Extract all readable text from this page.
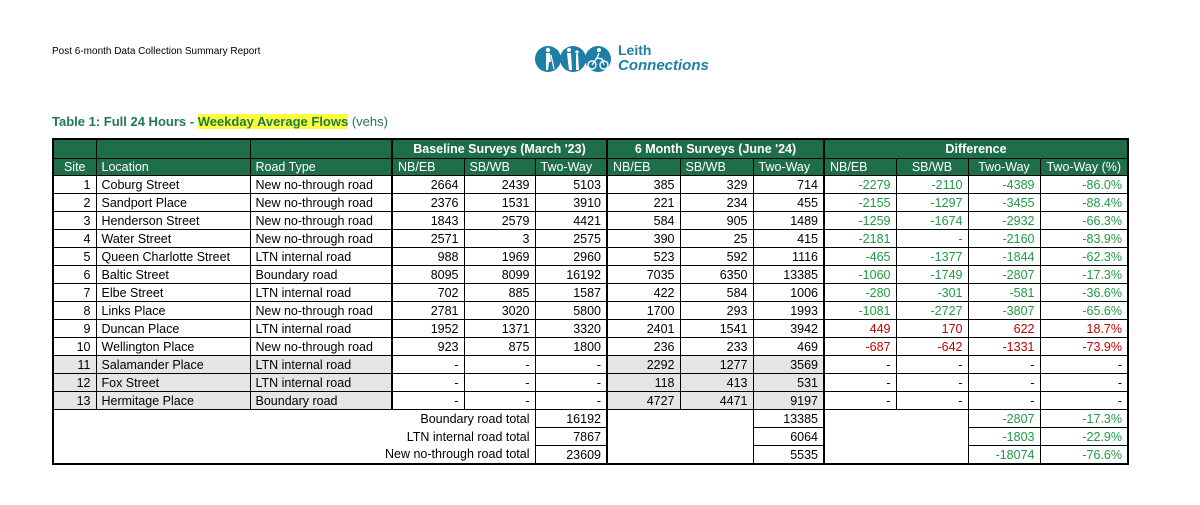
Post 6-month Data Collection Summary Report	Leith
Connections
Table 1: Full 24 Hours - Weekday Average Flows (vehs)
			Baseline Surveys (March '23)			6 Month Surveys (June '24)			Difference			
Site	Location	Road Type	NB/EB	SB/WB	Two-Way	NB/EB	SB/WB	Two-Way	NB/EB	SB/WB	Two-Way	Two-Way (%)
1	Coburg Street	New no-through road	2664	2439	5103	385	329	714	-2279	-2110	-4389	-86.0%
2	Sandport Place	New no-through road	2376	1531	3910	221	234	455	-2155	-1297	-3455	-88.4%
3	Henderson Street	New no-through road	1843	2579	4421	584	905	1489	-1259	-1674	-2932	-66.3%
4	Water Street	New no-through road	2571	3	2575	390	25	415	-2181	-	-2160	-83.9%
5	Queen Charlotte Street	LTN internal road	988	1969	2960	523	592	1116	-465	-1377	-1844	-62.3%
6	Baltic Street	Boundary road	8095	8099	16192	7035	6350	13385	-1060	-1749	-2807	-17.3%
7	Elbe Street	LTN internal road	702	885	1587	422	584	1006	-280	-301	-581	-36.6%
8	Links Place	New no-through road	2781	3020	5800	1700	293	1993	-1081	-2727	-3807	-65.6%
9	Duncan Place	LTN internal road	1952	1371	3320	2401	1541	3942	449	170	622	18.7%
10	Wellington Place	New no-through road	923	875	1800	236	233	469	-687	-642	-1331	-73.9%
11	Salamander Place	LTN internal road	-	-	-	2292	1277	3569	-	-	-	-
12	Fox Street	LTN internal road	-	-	-	118	413	531	-	-	-	-
13	Hermitage Place	Boundary road	-	-	-	4727	4471	9197	-	-	-	-
Boundary road total					16192			13385			-2807	-17.3%
LTN internal road total					7867			6064			-1803	-22.9%
New no-through road total					23609			5535			-18074	-76.6%
